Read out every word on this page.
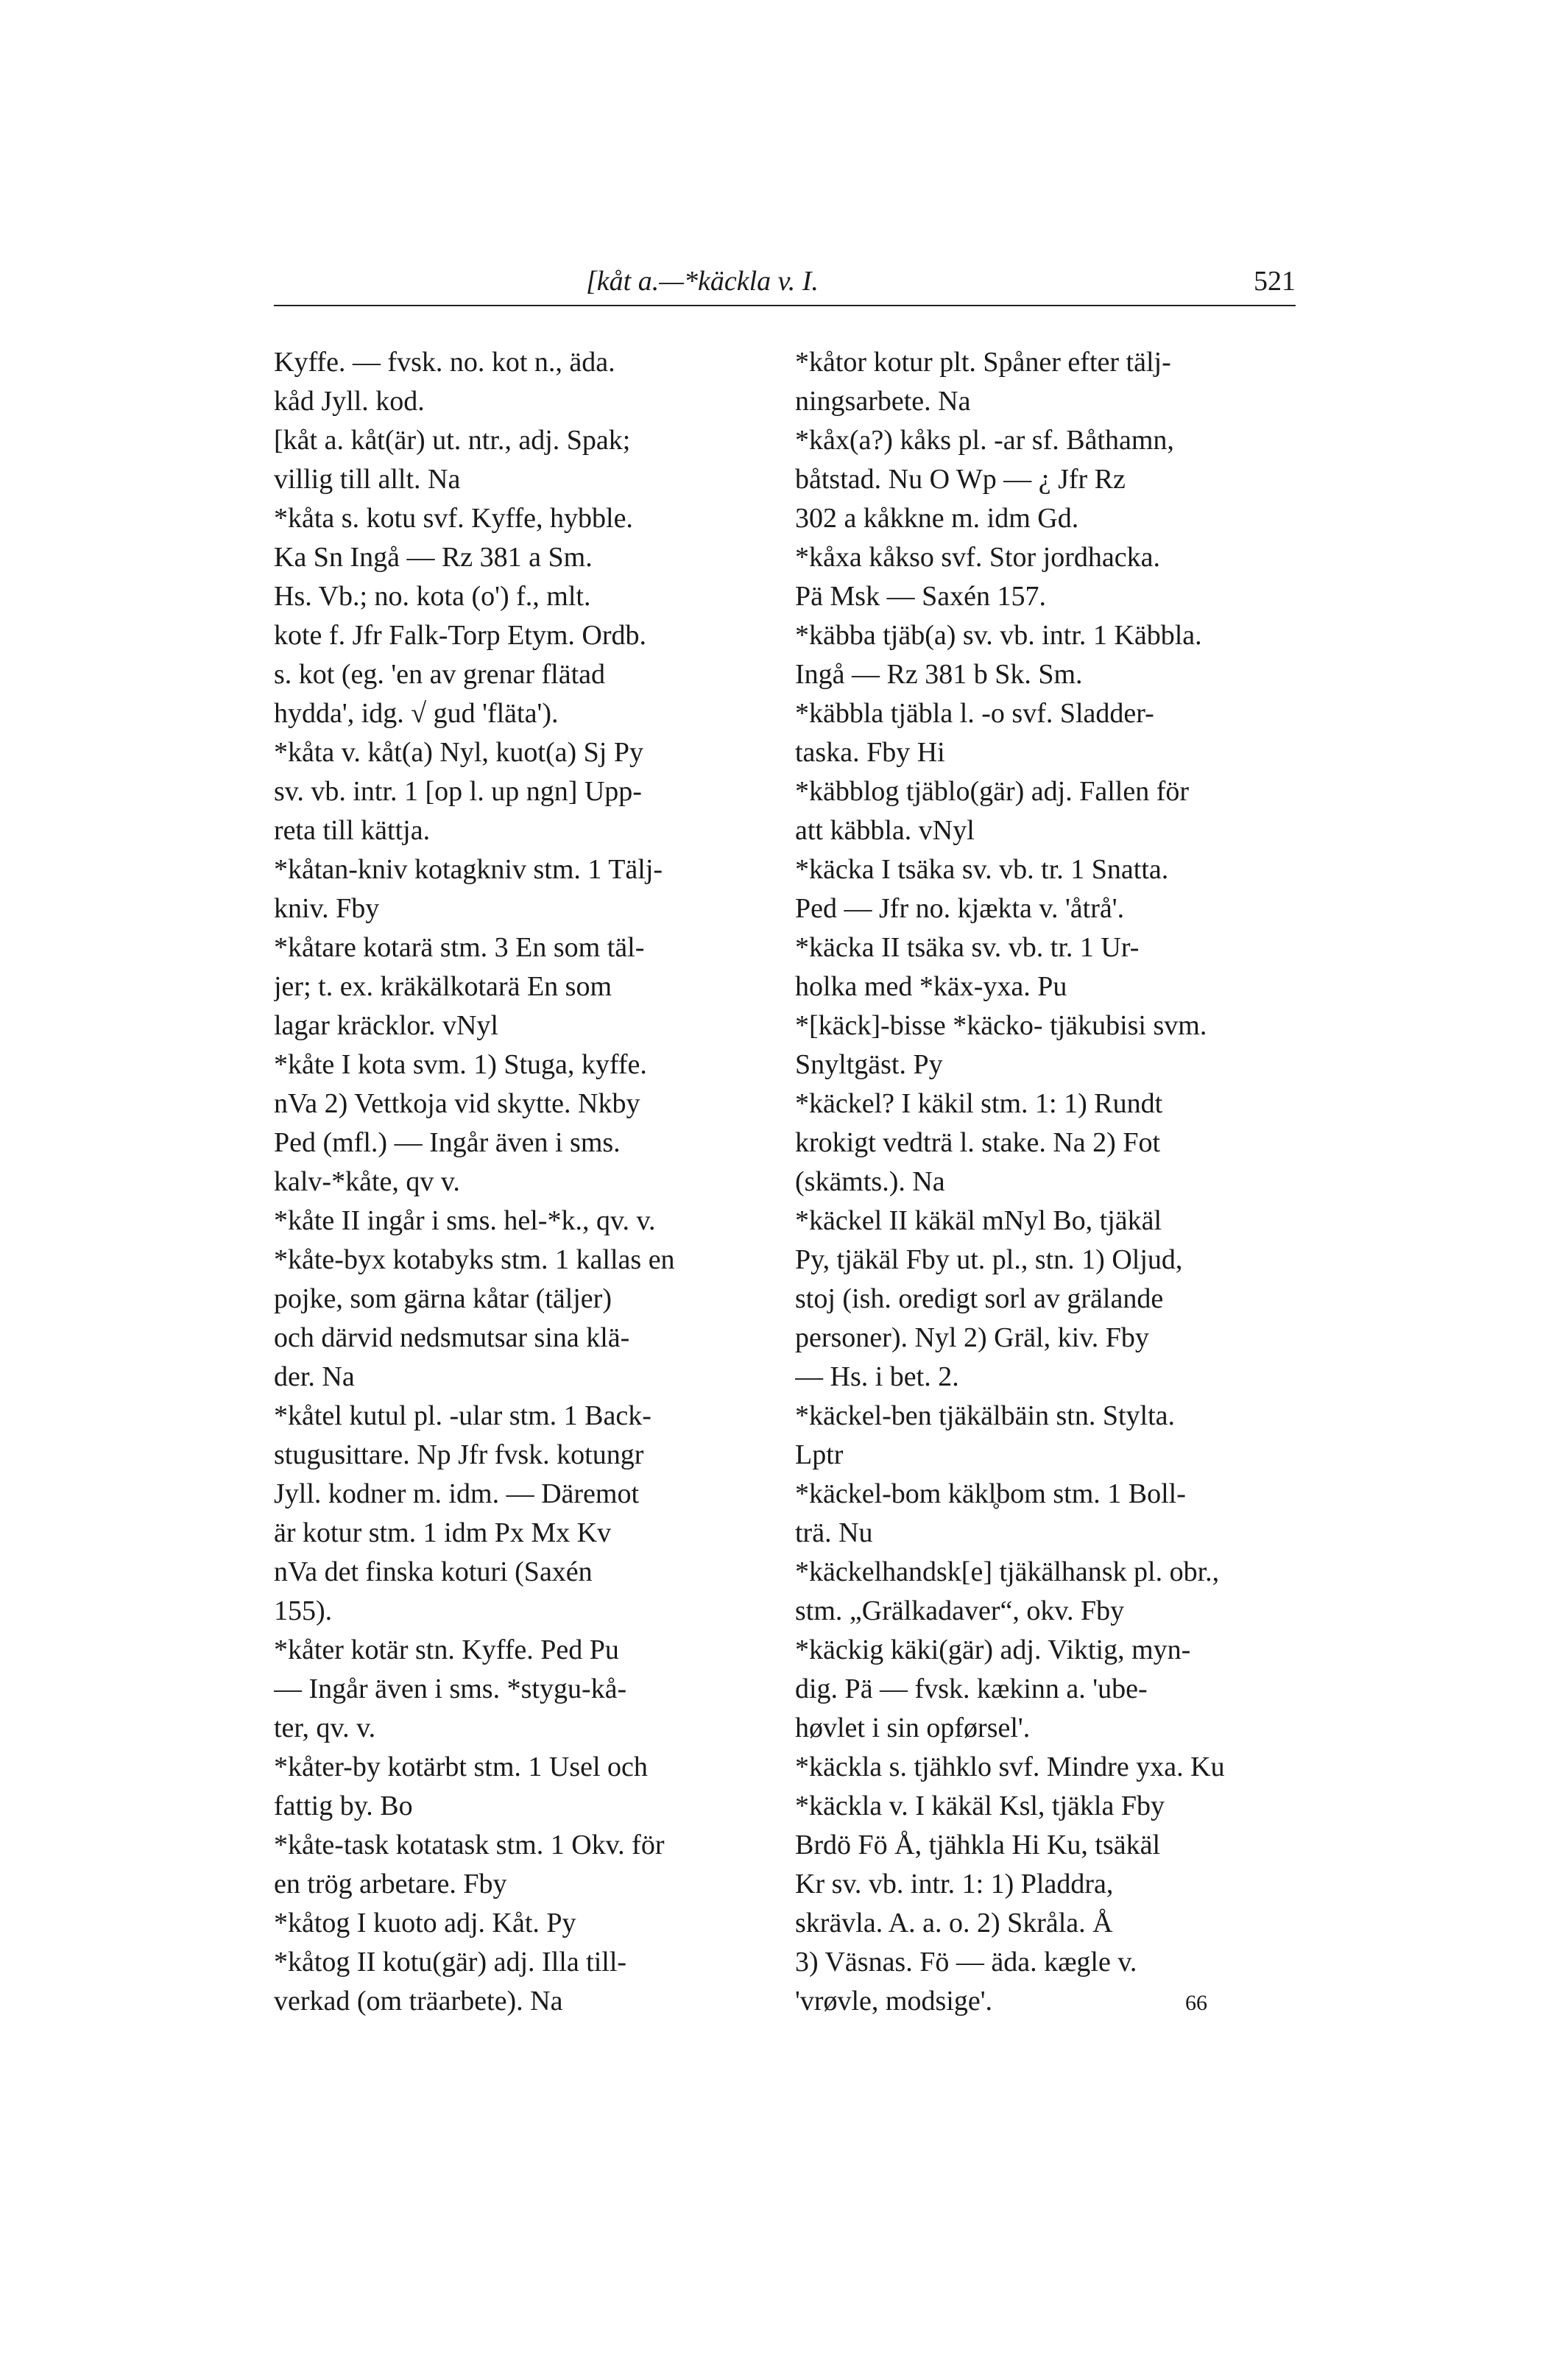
[kåt a.—*käckla v. I.	521
Kyffe. — fvsk. no. kot n., äda.
kåd Jyll. kod.
[kåt a. kåt(är) ut. ntr., adj. Spak;
villig till allt. Na
*kåta s. kotu svf. Kyffe, hybble.
Ka Sn Ingå — Rz 381 a Sm.
Hs. Vb.; no. kota (o') f., mlt.
kote f. Jfr Falk-Torp Etym. Ordb.
s. kot (eg. 'en av grenar flätad
hydda', idg. √ gud 'fläta').
*kåta v. kåt(a) Nyl, kuot(a) Sj Py
sv. vb. intr. 1 [op l. up ngn] Upp-
reta till kättja.
*kåtan-kniv kotagkniv stm. 1 Tälj-
kniv. Fby
*kåtare kotarä stm. 3 En som täl-
jer; t. ex. kräkälkotarä En som
lagar kräcklor. vNyl
*kåte I kota svm. 1) Stuga, kyffe.
nVa 2) Vettkoja vid skytte. Nkby
Ped (mfl.) — Ingår även i sms.
kalv-*kåte, qv v.
*kåte II ingår i sms. hel-*k., qv. v.
*kåte-byx kotabyks stm. 1 kallas en
pojke, som gärna kåtar (täljer)
och därvid nedsmutsar sina klä-
der. Na
*kåtel kutul pl. -ular stm. 1 Back-
stugusittare. Np Jfr fvsk. kotungr
Jyll. kodner m. idm. — Däremot
är kotur stm. 1 idm Px Mx Kv
nVa det finska koturi (Saxén
155).
*kåter kotär stn. Kyffe. Ped Pu
— Ingår även i sms. *stygu-kå-
ter, qv. v.
*kåter-by kotärbt stm. 1 Usel och
fattig by. Bo
*kåte-task kotatask stm. 1 Okv. för
en trög arbetare. Fby
*kåtog I kuoto adj. Kåt. Py
*kåtog II kotu(gär) adj. Illa till-
verkad (om träarbete). Na
*kåtor kotur plt. Spåner efter tälj-
ningsarbete. Na
*kåx(a?) kåks pl. -ar sf. Båthamn,
båtstad. Nu O Wp — ¿ Jfr Rz
302 a kåkkne m. idm Gd.
*kåxa kåkso svf. Stor jordhacka.
Pä Msk — Saxén 157.
*käbba tjäb(a) sv. vb. intr. 1 Käbbla.
Ingå — Rz 381 b Sk. Sm.
*käbbla tjäbla l. -o svf. Sladder-
taska. Fby Hi
*käbblog tjäblo(gär) adj. Fallen för
att käbbla. vNyl
*käcka I tsäka sv. vb. tr. 1 Snatta.
Ped — Jfr no. kjækta v. 'åtrå'.
*käcka II tsäka sv. vb. tr. 1 Ur-
holka med *käx-yxa. Pu
*[käck]-bisse *käcko- tjäkubisi svm.
Snyltgäst. Py
*käckel? I käkil stm. 1: 1) Rundt
krokigt vedträ l. stake. Na 2) Fot
(skämts.). Na
*käckel II käkäl mNyl Bo, tjäkäl
Py, tjäkäl Fby ut. pl., stn. 1) Oljud,
stoj (ish. oredigt sorl av grälande
personer). Nyl 2) Gräl, kiv. Fby
— Hs. i bet. 2.
*käckel-ben tjäkälbäin stn. Stylta.
Lptr
*käckel-bom käkl̥bom stm. 1 Boll-
trä. Nu
*käckelhandsk[e] tjäkälhansk pl. obr.,
stm. „Grälkadaver“, okv. Fby
*käckig käki(gär) adj. Viktig, myn-
dig. Pä — fvsk. kækinn a. 'ube-
høvlet i sin opførsel'.
*käckla s. tjähklo svf. Mindre yxa. Ku
*käckla v. I käkäl Ksl, tjäkla Fby
Brdö Fö Å, tjähkla Hi Ku, tsäkäl
Kr sv. vb. intr. 1: 1) Pladdra,
skrävla. A. a. o. 2) Skråla. Å
3) Väsnas. Fö — äda. kægle v.
'vrøvle, modsige'.	66
